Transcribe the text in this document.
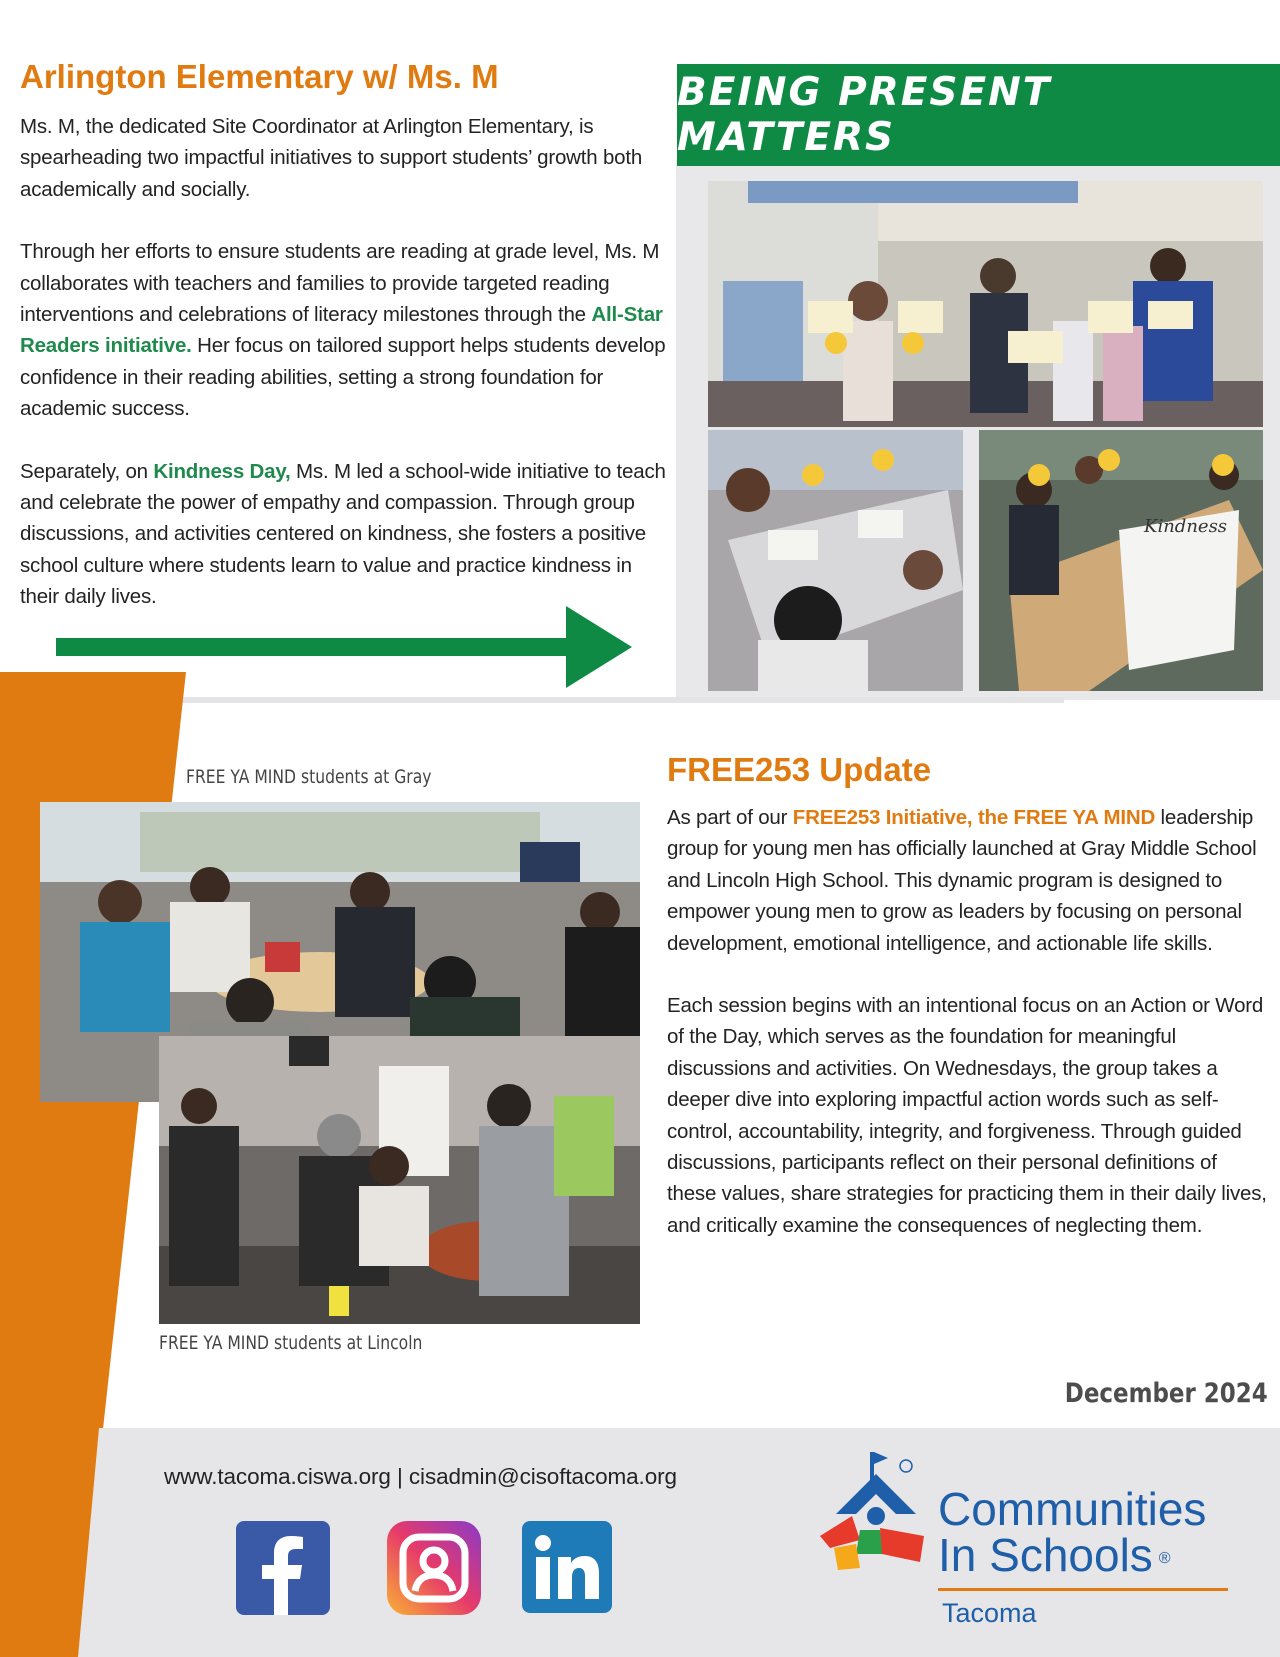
Arlington Elementary w/ Ms. M

Ms. M, the dedicated Site Coordinator at Arlington Elementary, is spearheading two impactful initiatives to support students’ growth both academically and socially.

Through her efforts to ensure students are reading at grade level, Ms. M collaborates with teachers and families to provide targeted reading interventions and celebrations of literacy milestones through the All-Star Readers initiative. Her focus on tailored support helps students develop confidence in their reading abilities, setting a strong foundation for academic success.

Separately, on Kindness Day, Ms. M led a school-wide initiative to teach and celebrate the power of empathy and compassion. Through group discussions, and activities centered on kindness, she fosters a positive school culture where students learn to value and practice kindness in their daily lives.

BEING PRESENT MATTERS
Kindness
FREE YA MIND students at Gray
FREE YA MIND students at Lincoln
FREE253 Update

As part of our FREE253 Initiative, the FREE YA MIND leadership group for young men has officially launched at Gray Middle School and Lincoln High School. This dynamic program is designed to empower young men to grow as leaders by focusing on personal development, emotional intelligence, and actionable life skills.

Each session begins with an intentional focus on an Action or Word of the Day, which serves as the foundation for meaningful discussions and activities. On Wednesdays, the group takes a deeper dive into exploring impactful action words such as self-control, accountability, integrity, and forgiveness. Through guided discussions, participants reflect on their personal definitions of these values, share strategies for practicing them in their daily lives, and critically examine the consequences of neglecting them.

December 2024
www.tacoma.ciswa.org | cisadmin@cisoftacoma.org
Communities
In Schools ®
Tacoma
